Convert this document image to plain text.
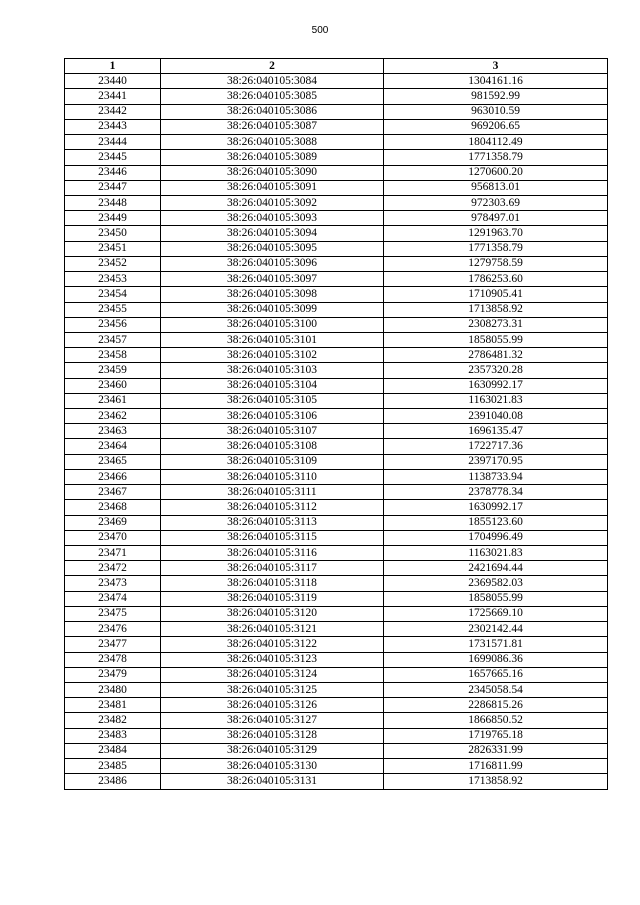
500
1	2	3
23440	38:26:040105:3084	1304161.16
23441	38:26:040105:3085	981592.99
23442	38:26:040105:3086	963010.59
23443	38:26:040105:3087	969206.65
23444	38:26:040105:3088	1804112.49
23445	38:26:040105:3089	1771358.79
23446	38:26:040105:3090	1270600.20
23447	38:26:040105:3091	956813.01
23448	38:26:040105:3092	972303.69
23449	38:26:040105:3093	978497.01
23450	38:26:040105:3094	1291963.70
23451	38:26:040105:3095	1771358.79
23452	38:26:040105:3096	1279758.59
23453	38:26:040105:3097	1786253.60
23454	38:26:040105:3098	1710905.41
23455	38:26:040105:3099	1713858.92
23456	38:26:040105:3100	2308273.31
23457	38:26:040105:3101	1858055.99
23458	38:26:040105:3102	2786481.32
23459	38:26:040105:3103	2357320.28
23460	38:26:040105:3104	1630992.17
23461	38:26:040105:3105	1163021.83
23462	38:26:040105:3106	2391040.08
23463	38:26:040105:3107	1696135.47
23464	38:26:040105:3108	1722717.36
23465	38:26:040105:3109	2397170.95
23466	38:26:040105:3110	1138733.94
23467	38:26:040105:3111	2378778.34
23468	38:26:040105:3112	1630992.17
23469	38:26:040105:3113	1855123.60
23470	38:26:040105:3115	1704996.49
23471	38:26:040105:3116	1163021.83
23472	38:26:040105:3117	2421694.44
23473	38:26:040105:3118	2369582.03
23474	38:26:040105:3119	1858055.99
23475	38:26:040105:3120	1725669.10
23476	38:26:040105:3121	2302142.44
23477	38:26:040105:3122	1731571.81
23478	38:26:040105:3123	1699086.36
23479	38:26:040105:3124	1657665.16
23480	38:26:040105:3125	2345058.54
23481	38:26:040105:3126	2286815.26
23482	38:26:040105:3127	1866850.52
23483	38:26:040105:3128	1719765.18
23484	38:26:040105:3129	2826331.99
23485	38:26:040105:3130	1716811.99
23486	38:26:040105:3131	1713858.92
